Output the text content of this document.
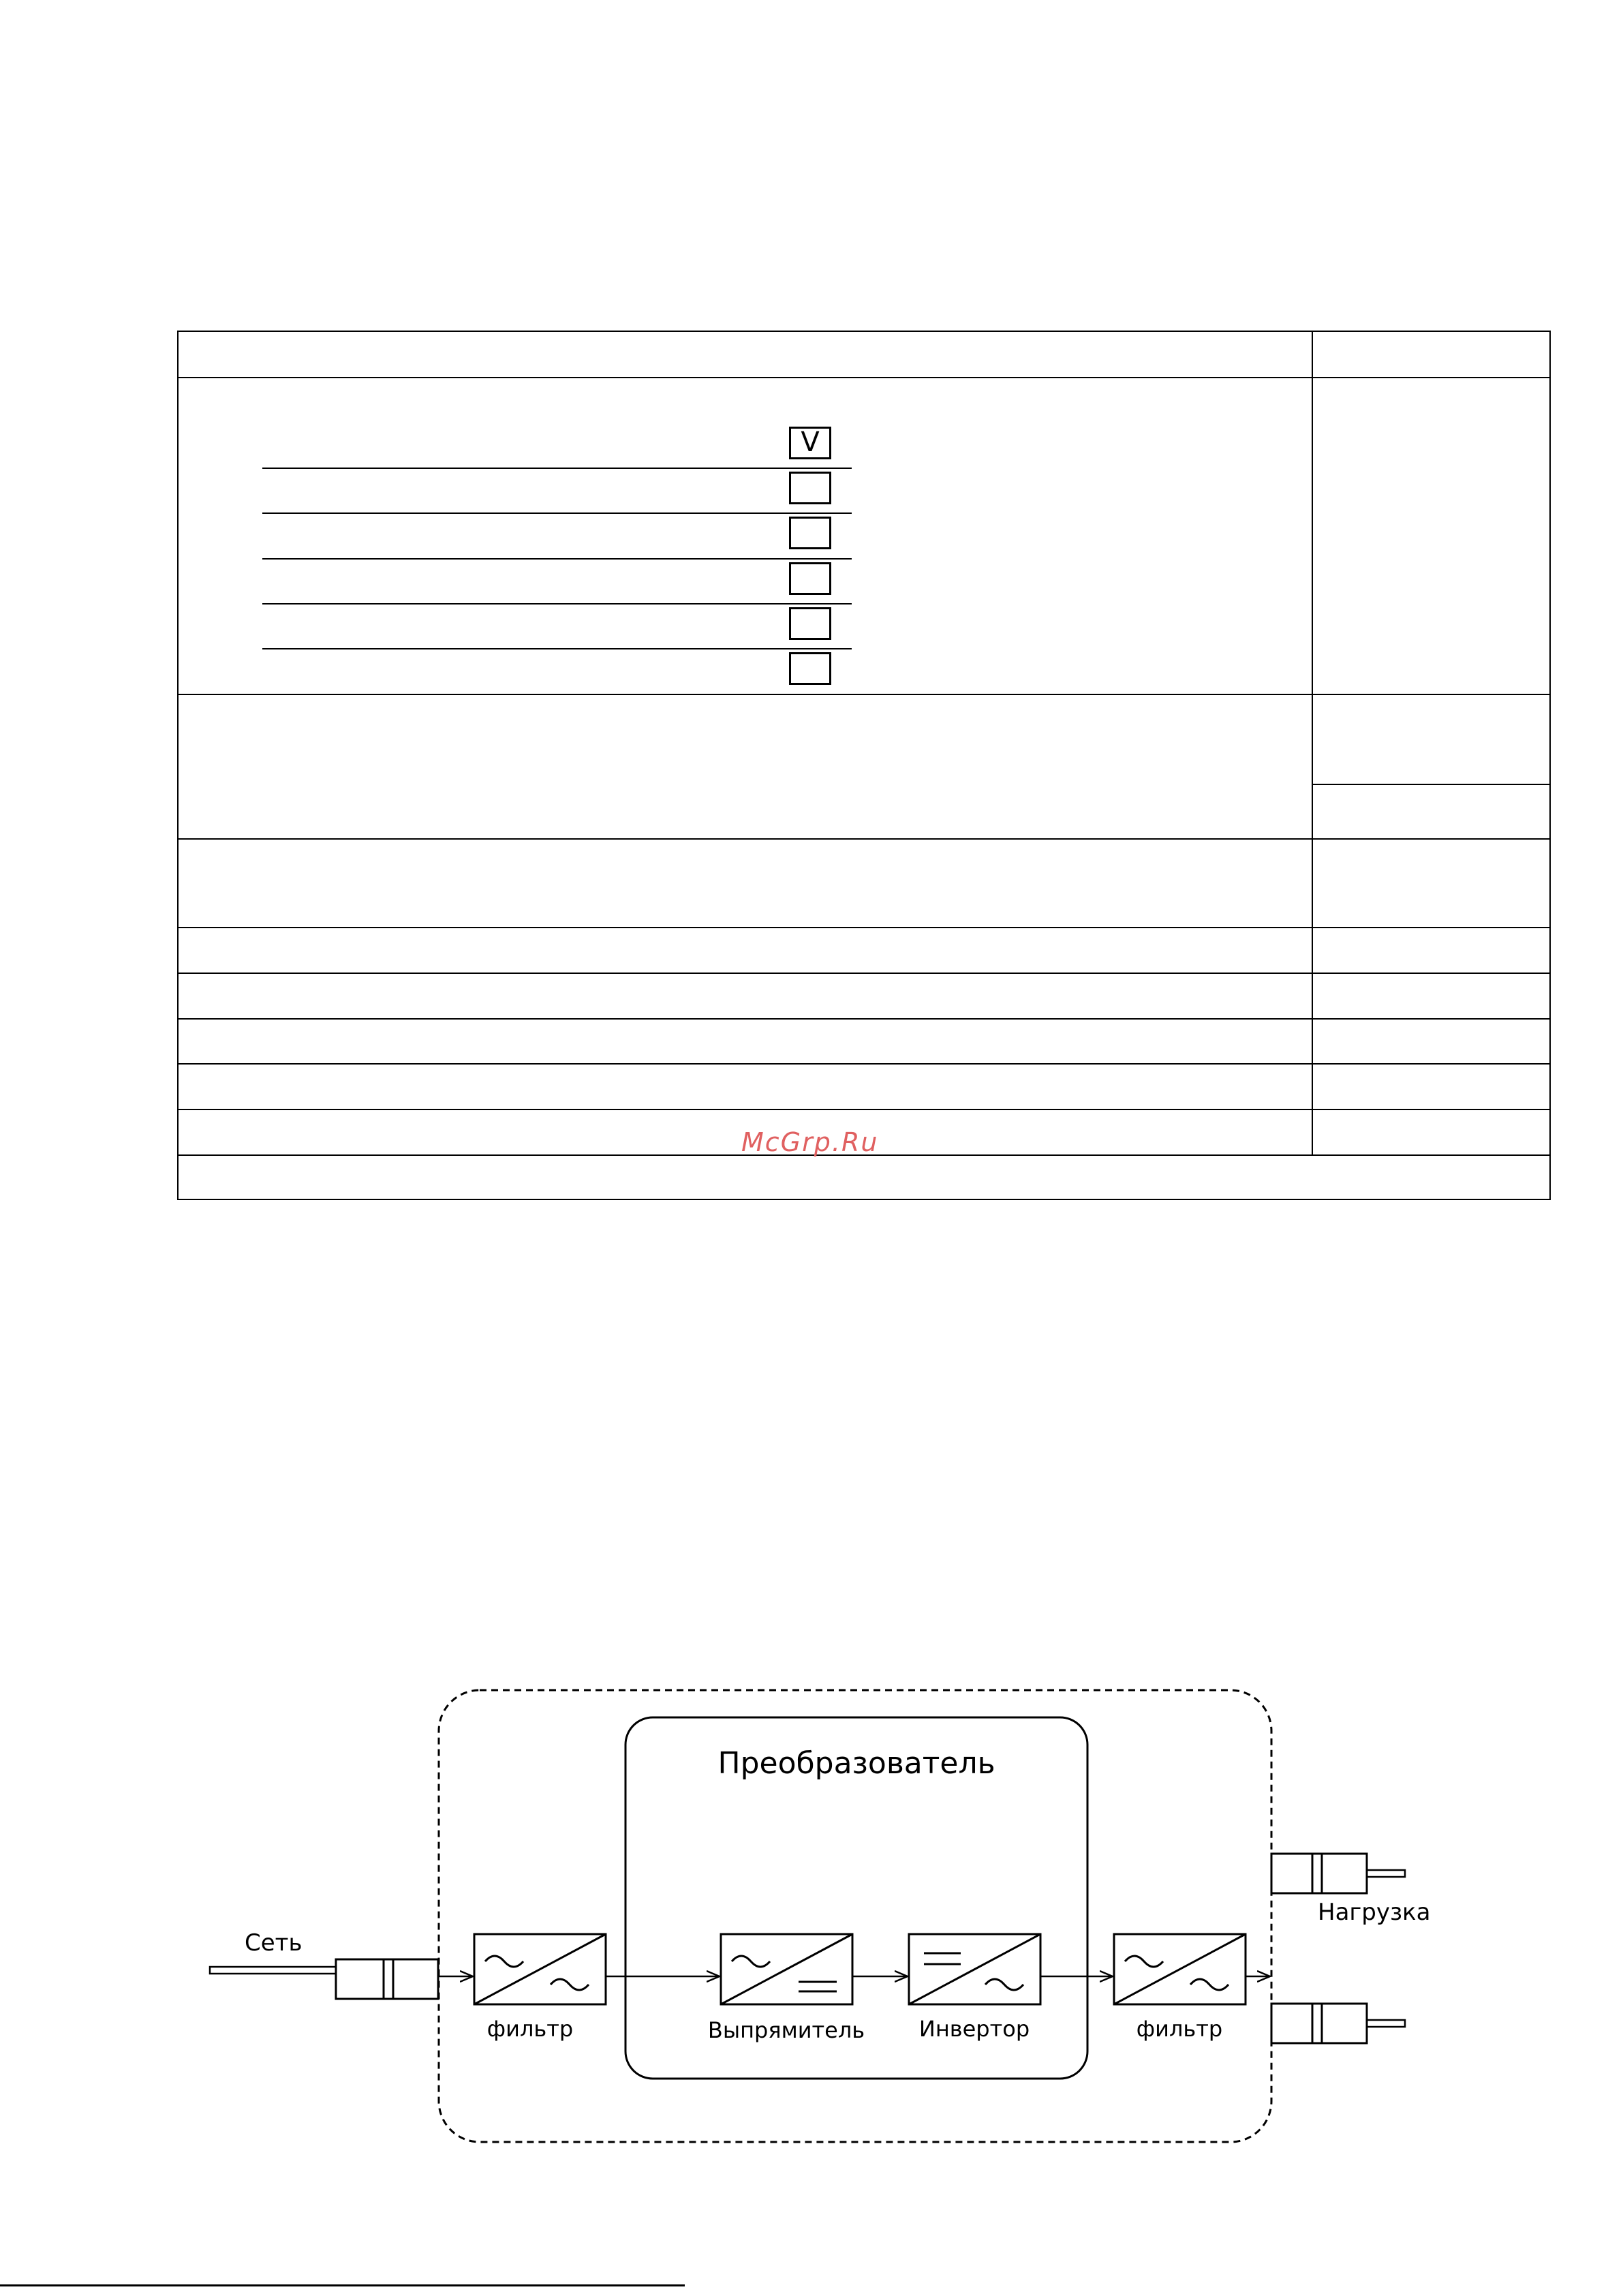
V
McGrp.Ru
Преобразователь
Сеть
фильтр	Выпрямитель Инвертор	фильтр
Нагрузка
